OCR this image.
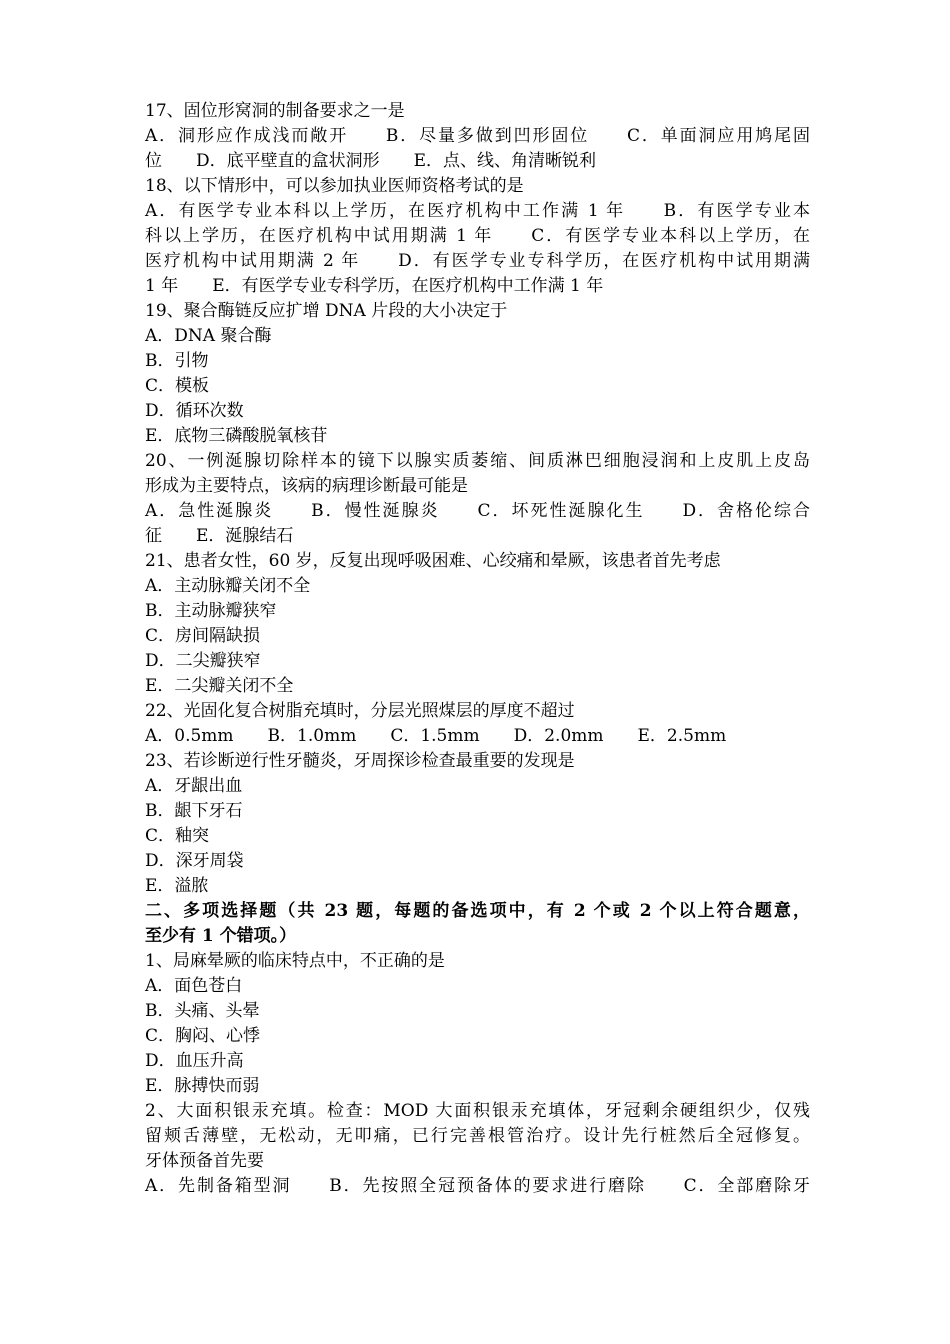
17、固位形窝洞的制备要求之一是
A．洞形应作成浅而敞开　　B．尽量多做到凹形固位　　C．单面洞应用鸠尾固
位　　D．底平壁直的盒状洞形　　E．点、线、角清晰锐利
18、以下情形中，可以参加执业医师资格考试的是
A．有医学专业本科以上学历，在医疗机构中工作满 1 年　　B．有医学专业本
科以上学历，在医疗机构中试用期满 1 年　　C．有医学专业本科以上学历，在
医疗机构中试用期满 2 年　　D．有医学专业专科学历，在医疗机构中试用期满
1 年　　E．有医学专业专科学历，在医疗机构中工作满 1 年
19、聚合酶链反应扩增 DNA 片段的大小决定于
A．DNA 聚合酶
B．引物
C．模板
D．循环次数
E．底物三磷酸脱氧核苷
20、一例涎腺切除样本的镜下以腺实质萎缩、间质淋巴细胞浸润和上皮肌上皮岛
形成为主要特点，该病的病理诊断最可能是
A．急性涎腺炎　　B．慢性涎腺炎　　C．坏死性涎腺化生　　D．舍格伦综合
征　　E．涎腺结石
21、患者女性，60 岁，反复出现呼吸困难、心绞痛和晕厥，该患者首先考虑
A．主动脉瓣关闭不全
B．主动脉瓣狭窄
C．房间隔缺损
D．二尖瓣狭窄
E．二尖瓣关闭不全
22、光固化复合树脂充填时，分层光照煤层的厚度不超过
A．0.5mm　　B．1.0mm　　C．1.5mm　　D．2.0mm　　E．2.5mm
23、若诊断逆行性牙髓炎，牙周探诊检查最重要的发现是
A．牙龈出血
B．龈下牙石
C．釉突
D．深牙周袋
E．溢脓
二、多项选择题（共 23 题，每题的备选项中，有 2 个或 2 个以上符合题意，
至少有 1 个错项。）
1、局麻晕厥的临床特点中，不正确的是
A．面色苍白
B．头痛、头晕
C．胸闷、心悸
D．血压升高
E．脉搏快而弱
2、大面积银汞充填。检查：MOD 大面积银汞充填体，牙冠剩余硬组织少，仅残
留颊舌薄壁，无松动，无叩痛，已行完善根管治疗。设计先行桩然后全冠修复。
牙体预备首先要
A．先制备箱型洞　　B．先按照全冠预备体的要求进行磨除　　C．全部磨除牙
